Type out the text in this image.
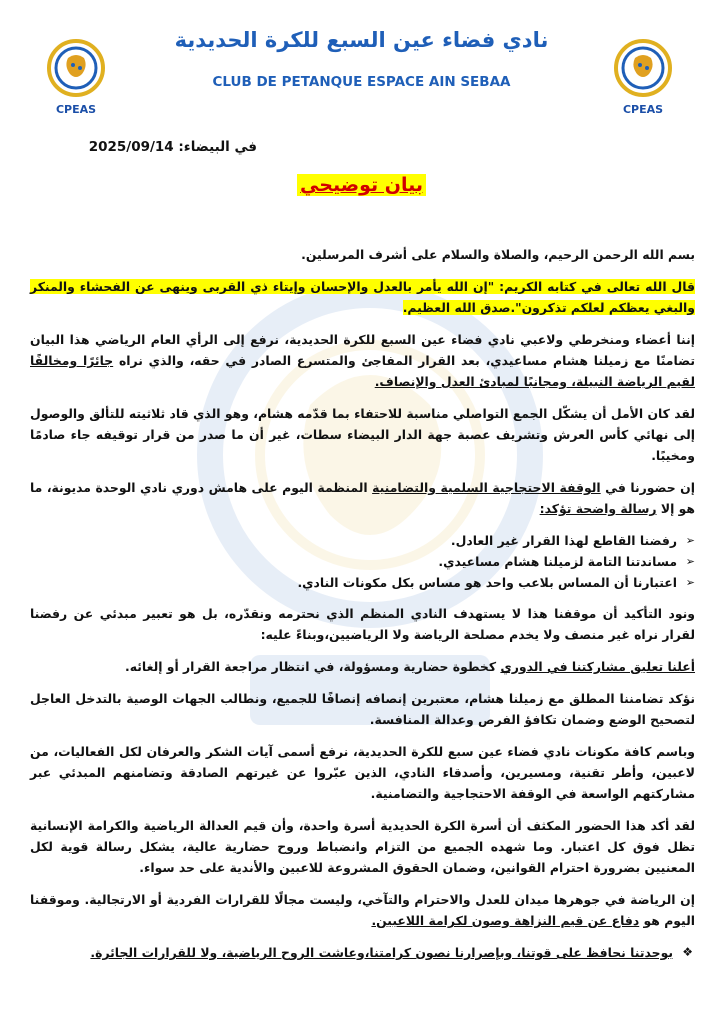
CPEAS	CPEAS
نادي فضاء عين السبع للكرة الحديدية
CLUB DE PETANQUE ESPACE AIN SEBAA
في البيضاء: 2025/09/14
بيان توضيحي

بسم الله الرحمن الرحيم، والصلاة والسلام على أشرف المرسلين.

قال الله تعالى في كتابه الكريم: "إن الله يأمر بالعدل والإحسان وإيتاء ذي القربى وينهى عن الفحشاء والمنكر والبغي يعظكم لعلكم تذكرون".صدق الله العظيم.

إننا أعضاء ومنخرطي ولاعبي نادي فضاء عين السبع للكرة الحديدية، نرفع إلى الرأي العام الرياضي هذا البيان تضامنًا مع زميلنا هشام مساعيدي، بعد القرار المفاجئ والمتسرع الصادر في حقه، والذي نراه جائرًا ومخالفًا لقيم الرياضة النبيلة، ومجانبًا لمبادئ العدل والإنصاف.

لقد كان الأمل أن يشكّل الجمع التواصلي مناسبة للاحتفاء بما قدّمه هشام، وهو الذي قاد ثلاثيته للتألق والوصول إلى نهائي كأس العرش وتشريف عصبة جهة الدار البيضاء سطات، غير أن ما صدر من قرار توقيفه جاء صادمًا ومخيبًا.

إن حضورنا في الوقفة الاحتجاجية السلمية والتضامنية المنظمة اليوم على هامش دوري نادي الوحدة مديونة، ما هو إلا رسالة واضحة تؤكد:

➢
رفضنا القاطع لهذا القرار غير العادل.
➢
مساندتنا التامة لزميلنا هشام مساعيدي.
➢
اعتبارنا أن المساس بلاعب واحد هو مساس بكل مكونات النادي.

ونود التأكيد أن موقفنا هذا لا يستهدف النادي المنظم الذي نحترمه ونقدّره، بل هو تعبير مبدئي عن رفضنا لقرار نراه غير منصف ولا يخدم مصلحة الرياضة ولا الرياضيين،وبناءً عليه:

أعلنا تعليق مشاركتنا في الدوري كخطوة حضارية ومسؤولة، في انتظار مراجعة القرار أو إلغائه.

نؤكد تضامننا المطلق مع زميلنا هشام، معتبرين إنصافه إنصافًا للجميع، ونطالب الجهات الوصية بالتدخل العاجل لتصحيح الوضع وضمان تكافؤ الفرص وعدالة المنافسة.

وباسم كافة مكونات نادي فضاء عين سبع للكرة الحديدية، نرفع أسمى آيات الشكر والعرفان لكل الفعاليات، من لاعبين، وأطر تقنية، ومسيرين، وأصدقاء النادي، الذين عبّروا عن غيرتهم الصادقة وتضامنهم المبدئي عبر مشاركتهم الواسعة في الوقفة الاحتجاجية والتضامنية.

لقد أكد هذا الحضور المكثف أن أسرة الكرة الحديدية أسرة واحدة، وأن قيم العدالة الرياضية والكرامة الإنسانية تظل فوق كل اعتبار. وما شهده الجميع من التزام وانضباط وروح حضارية عالية، يشكل رسالة قوية لكل المعنيين بضرورة احترام القوانين، وضمان الحقوق المشروعة للاعبين والأندية على حد سواء.

إن الرياضة في جوهرها ميدان للعدل والاحترام والتآخي، وليست مجالًا للقرارات الفردية أو الارتجالية. وموقفنا اليوم هو دفاع عن قيم النزاهة وصون لكرامة اللاعبين.

❖
بوحدتنا نحافظ على قوتنا، وبإصرارنا نصون كرامتنا،وعاشت الروح الرياضية، ولا للقرارات الجائرة.
